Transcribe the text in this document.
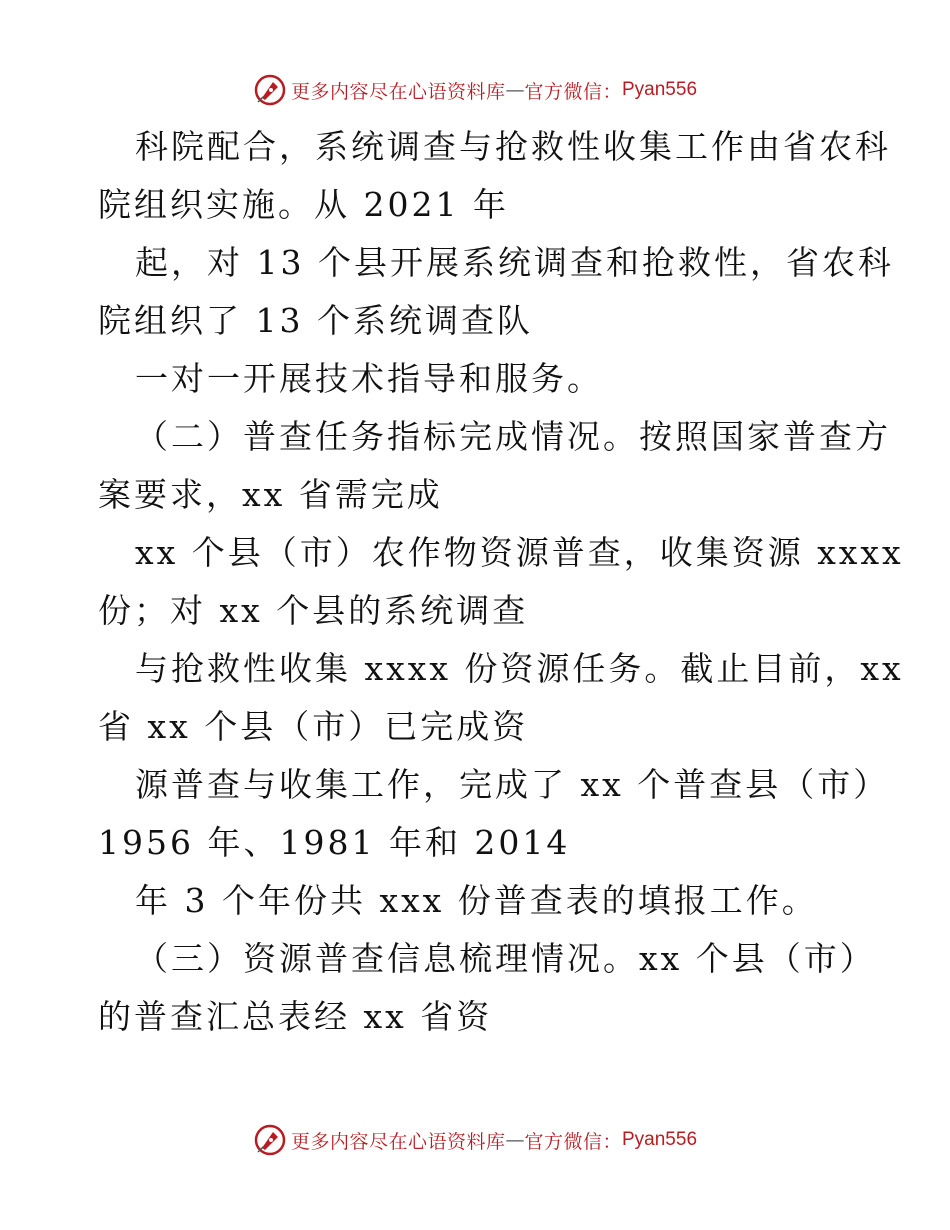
更多内容尽在心语资料库 — 官方微信： Pyan556
科院配合，系统调查与抢救性收集工作由省农科
院组织实施。从 2021 年
起，对 13 个县开展系统调查和抢救性，省农科
院组织了 13 个系统调查队
一对一开展技术指导和服务。
（二）普查任务指标完成情况。按照国家普查方
案要求，xx 省需完成
xx 个县（市）农作物资源普查，收集资源 xxxx
份；对 xx 个县的系统调查
与抢救性收集 xxxx 份资源任务。截止目前，xx
省 xx 个县（市）已完成资
源普查与收集工作，完成了 xx 个普查县（市）
1956 年、1981 年和 2014
年 3 个年份共 xxx 份普查表的填报工作。
（三）资源普查信息梳理情况。xx 个县（市）
的普查汇总表经 xx 省资
更多内容尽在心语资料库 — 官方微信： Pyan556
